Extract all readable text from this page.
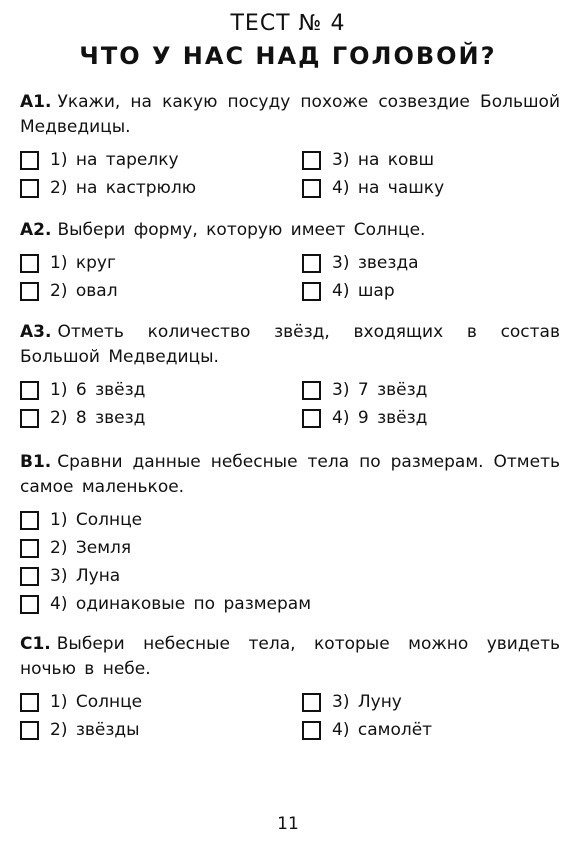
ТЕСТ № 4
ЧТО У НАС НАД ГОЛОВОЙ?
А1. Укажи, на какую посуду похоже созвездие Большой Медведицы.
1) на тарелку
2) на кастрюлю
3) на ковш
4) на чашку
А2. Выбери форму, которую имеет Солнце.
1) круг
2) овал
3) звезда
4) шар
А3. Отметь количество звёзд, входящих в состав Большой Медведицы.
1) 6 звёзд
2) 8 звезд
3) 7 звёзд
4) 9 звёзд
В1. Сравни данные небесные тела по размерам. Отметь самое маленькое.
1) Солнце
2) Земля
3) Луна
4) одинаковые по размерам
С1. Выбери небесные тела, которые можно увидеть ночью в небе.
1) Солнце
2) звёзды
3) Луну
4) самолёт
11
